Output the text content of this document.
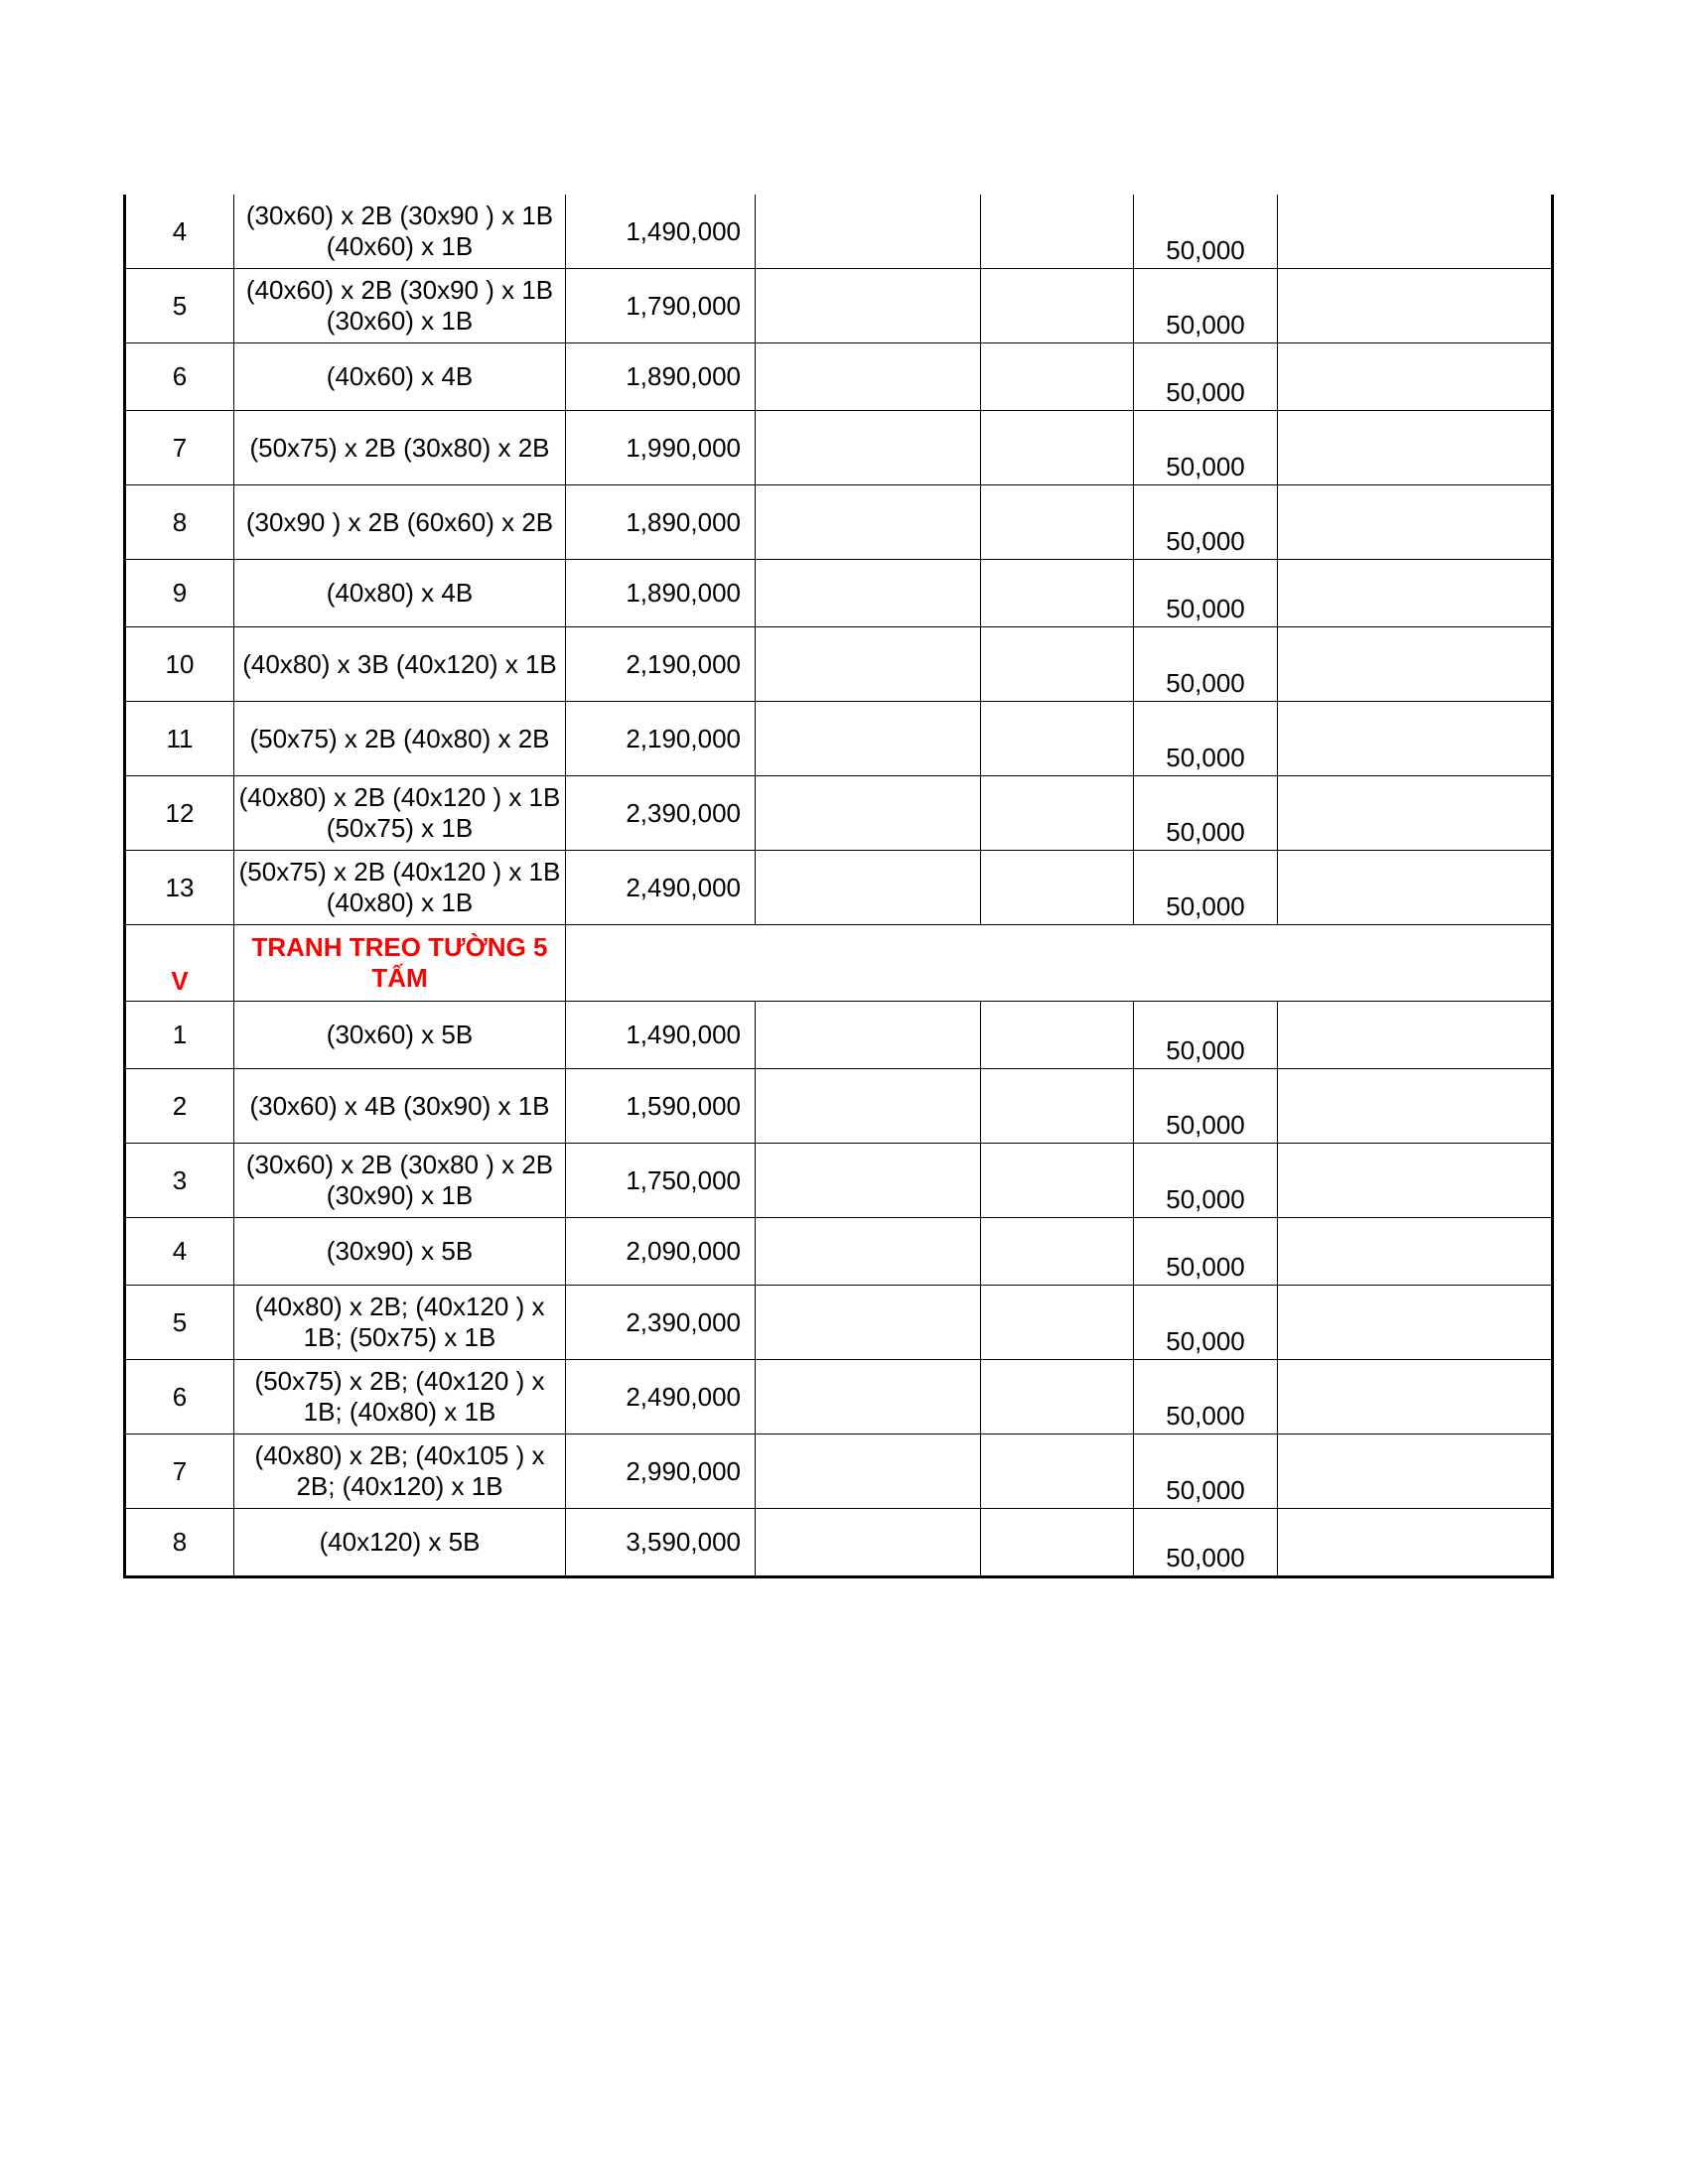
4	(30x60) x 2B (30x90 ) x 1B (40x60) x 1B	1,490,000			50,000	
5	(40x60) x 2B (30x90 ) x 1B (30x60) x 1B	1,790,000			50,000	
6	(40x60) x 4B	1,890,000			50,000	
7	(50x75) x 2B (30x80) x 2B	1,990,000			50,000	
8	(30x90 ) x 2B (60x60) x 2B	1,890,000			50,000	
9	(40x80) x 4B	1,890,000			50,000	
10	(40x80) x 3B (40x120) x 1B	2,190,000			50,000	
11	(50x75) x 2B (40x80) x 2B	2,190,000			50,000	
12	(40x80) x 2B (40x120 ) x 1B (50x75) x 1B	2,390,000			50,000	
13	(50x75) x 2B (40x120 ) x 1B (40x80) x 1B	2,490,000			50,000	
V	TRANH TREO TƯỜNG 5 TẤM					
1	(30x60) x 5B	1,490,000			50,000	
2	(30x60) x 4B (30x90) x 1B	1,590,000			50,000	
3	(30x60) x 2B (30x80 ) x 2B (30x90) x 1B	1,750,000			50,000	
4	(30x90) x 5B	2,090,000			50,000	
5	(40x80) x 2B; (40x120 ) x 1B; (50x75) x 1B	2,390,000			50,000	
6	(50x75) x 2B; (40x120 ) x 1B; (40x80) x 1B	2,490,000			50,000	
7	(40x80) x 2B; (40x105 ) x 2B; (40x120) x 1B	2,990,000			50,000	
8	(40x120) x 5B	3,590,000			50,000	
